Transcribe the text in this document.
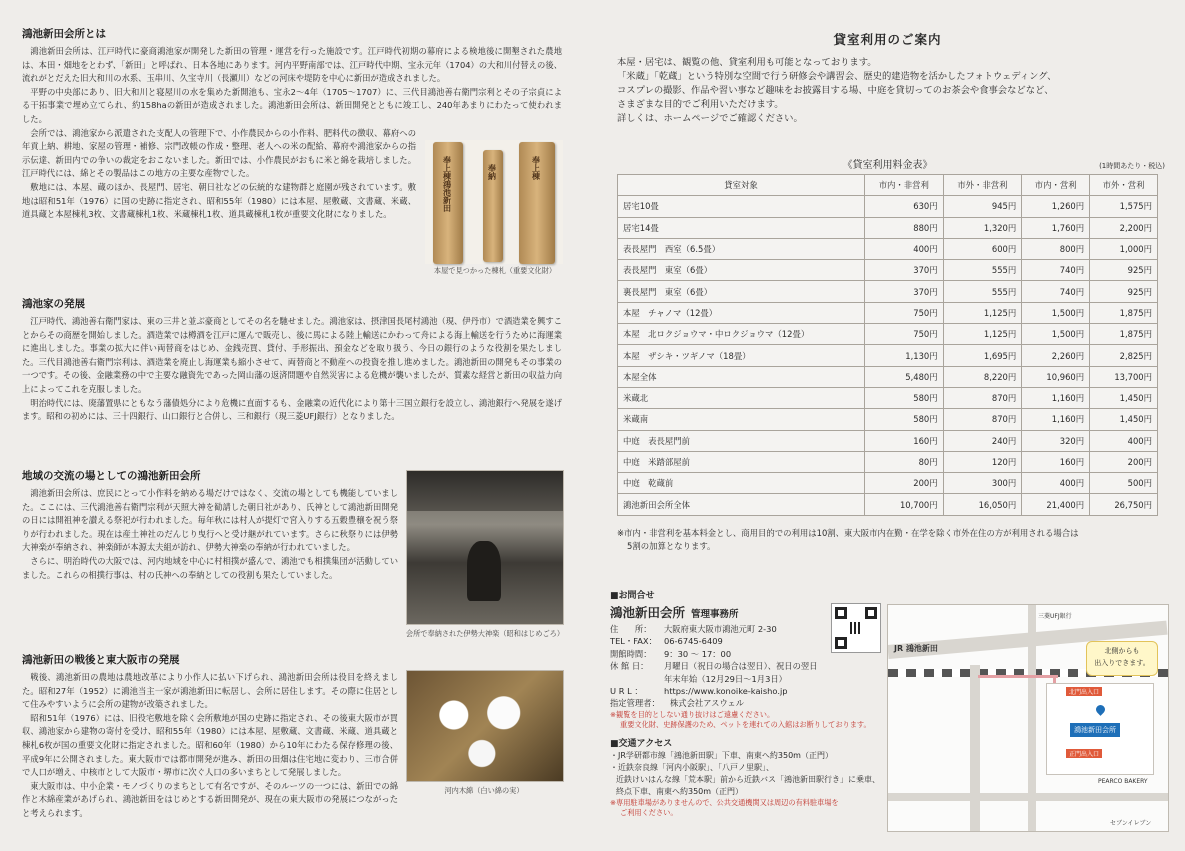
鴻池新田会所とは

鴻池新田会所は、江戸時代に豪商鴻池家が開発した新田の管理・運営を行った施設です。江戸時代初期の幕府による検地後に開墾された農地は、本田・畑地をとわず、「新田」と呼ばれ、日本各地にあります。河内平野南部では、江戸時代中期、宝永元年（1704）の大和川付替えの後、流れがとだえた旧大和川の水系、玉串川、久宝寺川（長瀬川）などの河床や堤防を中心に新田が造成されました。

平野の中央部にあり、旧大和川と寝屋川の水を集めた新開池も、宝永2～4年（1705～1707）に、三代目鴻池善右衛門宗利とその子宗貞による干拓事業で埋め立てられ、約158haの新田が造成されました。鴻池新田会所は、新田開発とともに竣工し、240年あまりにわたって使われました。

会所では、鴻池家から派遣された支配人の管理下で、小作農民からの小作料、肥料代の徴収、幕府への年貢上納、耕地、家屋の管理・補修、宗門改帳の作成・整理、老人への米の配給、幕府や鴻池家からの指示伝達、新田内での争いの裁定をおこないました。新田では、小作農民がおもに米と綿を栽培しました。江戸時代には、綿とその製品はこの地方の主要な産物でした。

敷地には、本屋、蔵のほか、長屋門、居宅、朝日社などの伝統的な建物群と庭園が残されています。敷地は昭和51年（1976）に国の史跡に指定され、昭和55年（1980）には本屋、屋敷蔵、文書蔵、米蔵、道具蔵と本屋棟札3枚、文書蔵棟札1枚、米蔵棟札1枚、道具蔵棟札1枚が重要文化財になりました。

奉上棟鴻池新田	奉納	奉上棟
本屋で見つかった棟札（重要文化財）
鴻池家の発展

江戸時代、鴻池善右衛門家は、東の三井と並ぶ豪商としてその名を馳せました。鴻池家は、摂津国長尾村鴻池（現、伊丹市）で酒造業を興すことからその商歴を開始しました。酒造業では樽酒を江戸に運んで販売し、後に馬による陸上輸送にかわって舟による海上輸送を行うために海運業に進出しました。事業の拡大に伴い両替商をはじめ、金銭売買、貸付、手形振出、預金などを取り扱う、今日の銀行のような役割を果たしました。三代目鴻池善右衛門宗利は、酒造業を廃止し海運業も縮小させて、両替商と不動産への投資を推し進めました。鴻池新田の開発もその事業の一つです。その後、金融業務の中で主要な融資先であった岡山藩の返済問題や自然災害による危機が襲いましたが、質素な経営と新田の収益力向上によってこれを克服しました。

明治時代には、廃藩置県にともなう藩債処分により危機に直面するも、金融業の近代化により第十三国立銀行を設立し、鴻池銀行へ発展を遂げます。昭和の初めには、三十四銀行、山口銀行と合併し、三和銀行（現三菱UFJ銀行）となりました。

地域の交流の場としての鴻池新田会所

鴻池新田会所は、庶民にとって小作料を納める場だけではなく、交流の場としても機能していました。ここには、三代鴻池善右衛門宗利が天照大神を勧請した朝日社があり、氏神として鴻池新田開発の日には開祖神を讃える祭祀が行われました。毎年秋には村人が提灯で宮入りする五穀豊穣を祝う祭りが行われました。現在は産土神社のだんじり曳行へと受け継がれています。さらに秋祭りには伊勢大神楽が奉納され、神楽師が本源太夫組が訪れ、伊勢大神楽の奉納が行われていました。

さらに、明治時代の大阪では、河内地域を中心に村相撲が盛んで、鴻池でも相撲集団が活動していました。これらの相撲行事は、村の氏神への奉納としての役割も果たしていました。

会所で奉納された伊勢大神楽（昭和はじめごろ）
鴻池新田の戦後と東大阪市の発展

戦後、鴻池新田の農地は農地改革により小作人に払い下げられ、鴻池新田会所は役目を終えました。昭和27年（1952）に鴻池当主一家が鴻池新田に転居し、会所に居住します。その際に住居として住みやすいように会所の建物が改築されました。

昭和51年（1976）には、旧役宅敷地を除く会所敷地が国の史跡に指定され、その後東大阪市が買収、鴻池家から建物の寄付を受け、昭和55年（1980）には本屋、屋敷蔵、文書蔵、米蔵、道具蔵と棟札6枚が国の重要文化財に指定されました。昭和60年（1980）から10年にわたる保存修理の後、平成9年に公開されました。東大阪市では都市開発が進み、新田の田畑は住宅地に変わり、三市合併で人口が増え、中核市として大阪市・堺市に次ぐ人口の多いまちとして発展しました。

東大阪市は、中小企業・モノづくりのまちとして有名ですが、そのルーツの一つには、新田での綿作と木綿産業があげられ、鴻池新田をはじめとする新田開発が、現在の東大阪市の発展につながったと考えられます。

河内木綿（白い綿の実）
貸室利用のご案内
本屋・居宅は、観覧の他、貸室利用も可能となっております。
「米蔵」「乾蔵」という特別な空間で行う研修会や講習会、歴史的建造物を活かしたフォトウェディング、
コスプレの撮影、作品や習い事など趣味をお披露目する場、中庭を貸切ってのお茶会や食事会などなど、
さまざまな目的でご利用いただけます。
詳しくは、ホームページでご確認ください。
《貸室利用料金表》	(1時間あたり・税込)
貸室対象	市内・非営利	市外・非営利	市内・営利	市外・営利
居宅10畳	630円	945円	1,260円	1,575円
居宅14畳	880円	1,320円	1,760円	2,200円
表長屋門　西室（6.5畳）	400円	600円	800円	1,000円
表長屋門　東室（6畳）	370円	555円	740円	925円
裏長屋門　東室（6畳）	370円	555円	740円	925円
本屋　チャノマ（12畳）	750円	1,125円	1,500円	1,875円
本屋　北ロクジョウマ・中ロクジョウマ（12畳）	750円	1,125円	1,500円	1,875円
本屋　ザシキ・ツギノマ（18畳）	1,130円	1,695円	2,260円	2,825円
本屋全体	5,480円	8,220円	10,960円	13,700円
米蔵北	580円	870円	1,160円	1,450円
米蔵南	580円	870円	1,160円	1,450円
中庭　表長屋門前	160円	240円	320円	400円
中庭　米踏部屋前	80円	120円	160円	200円
中庭　乾蔵前	200円	300円	400円	500円
鴻池新田会所全体	10,700円	16,050円	21,400円	26,750円
※市内・非営利を基本料金とし、商用目的での利用は10割、東大阪市内在勤・在学を除く市外在住の方が利用される場合は
5割の加算となります。
■お問合せ
鴻池新田会所 管理事務所
住　　所：	大阪府東大阪市鴻池元町 2-30
TEL・FAX： 06-6745-6409
開館時間：	9：30 ～ 17：00
休 館 日：	月曜日（祝日の場合は翌日）、祝日の翌日
年末年始（12月29日～1月3日）
U R L ：	https://www.konoike-kaisho.jp
指定管理者：	株式会社アスウェル
※観覧を目的としない通り抜けはご遠慮ください。
重要文化財、史跡保護のため、ペットを連れての入館はお断りしております。
■交通アクセス
・JR学研都市線「鴻池新田駅」下車、南東へ約350m（正門）
・近鉄奈良線「河内小阪駅」、「八戸ノ里駅」、
近鉄けいはんな線「荒本駅」前から近鉄バス「鴻池新田駅行き」に乗車、
終点下車、南東へ約350m（正門）
※専用駐車場がありませんので、公共交通機関又は周辺の有料駐車場を
ご利用ください。
JR 鴻池新田
三菱UFJ銀行
北側からも
出入りできます。
北門出入口
鴻池新田会所
正門出入口
PEARCO BAKERY
セブンイレブン
